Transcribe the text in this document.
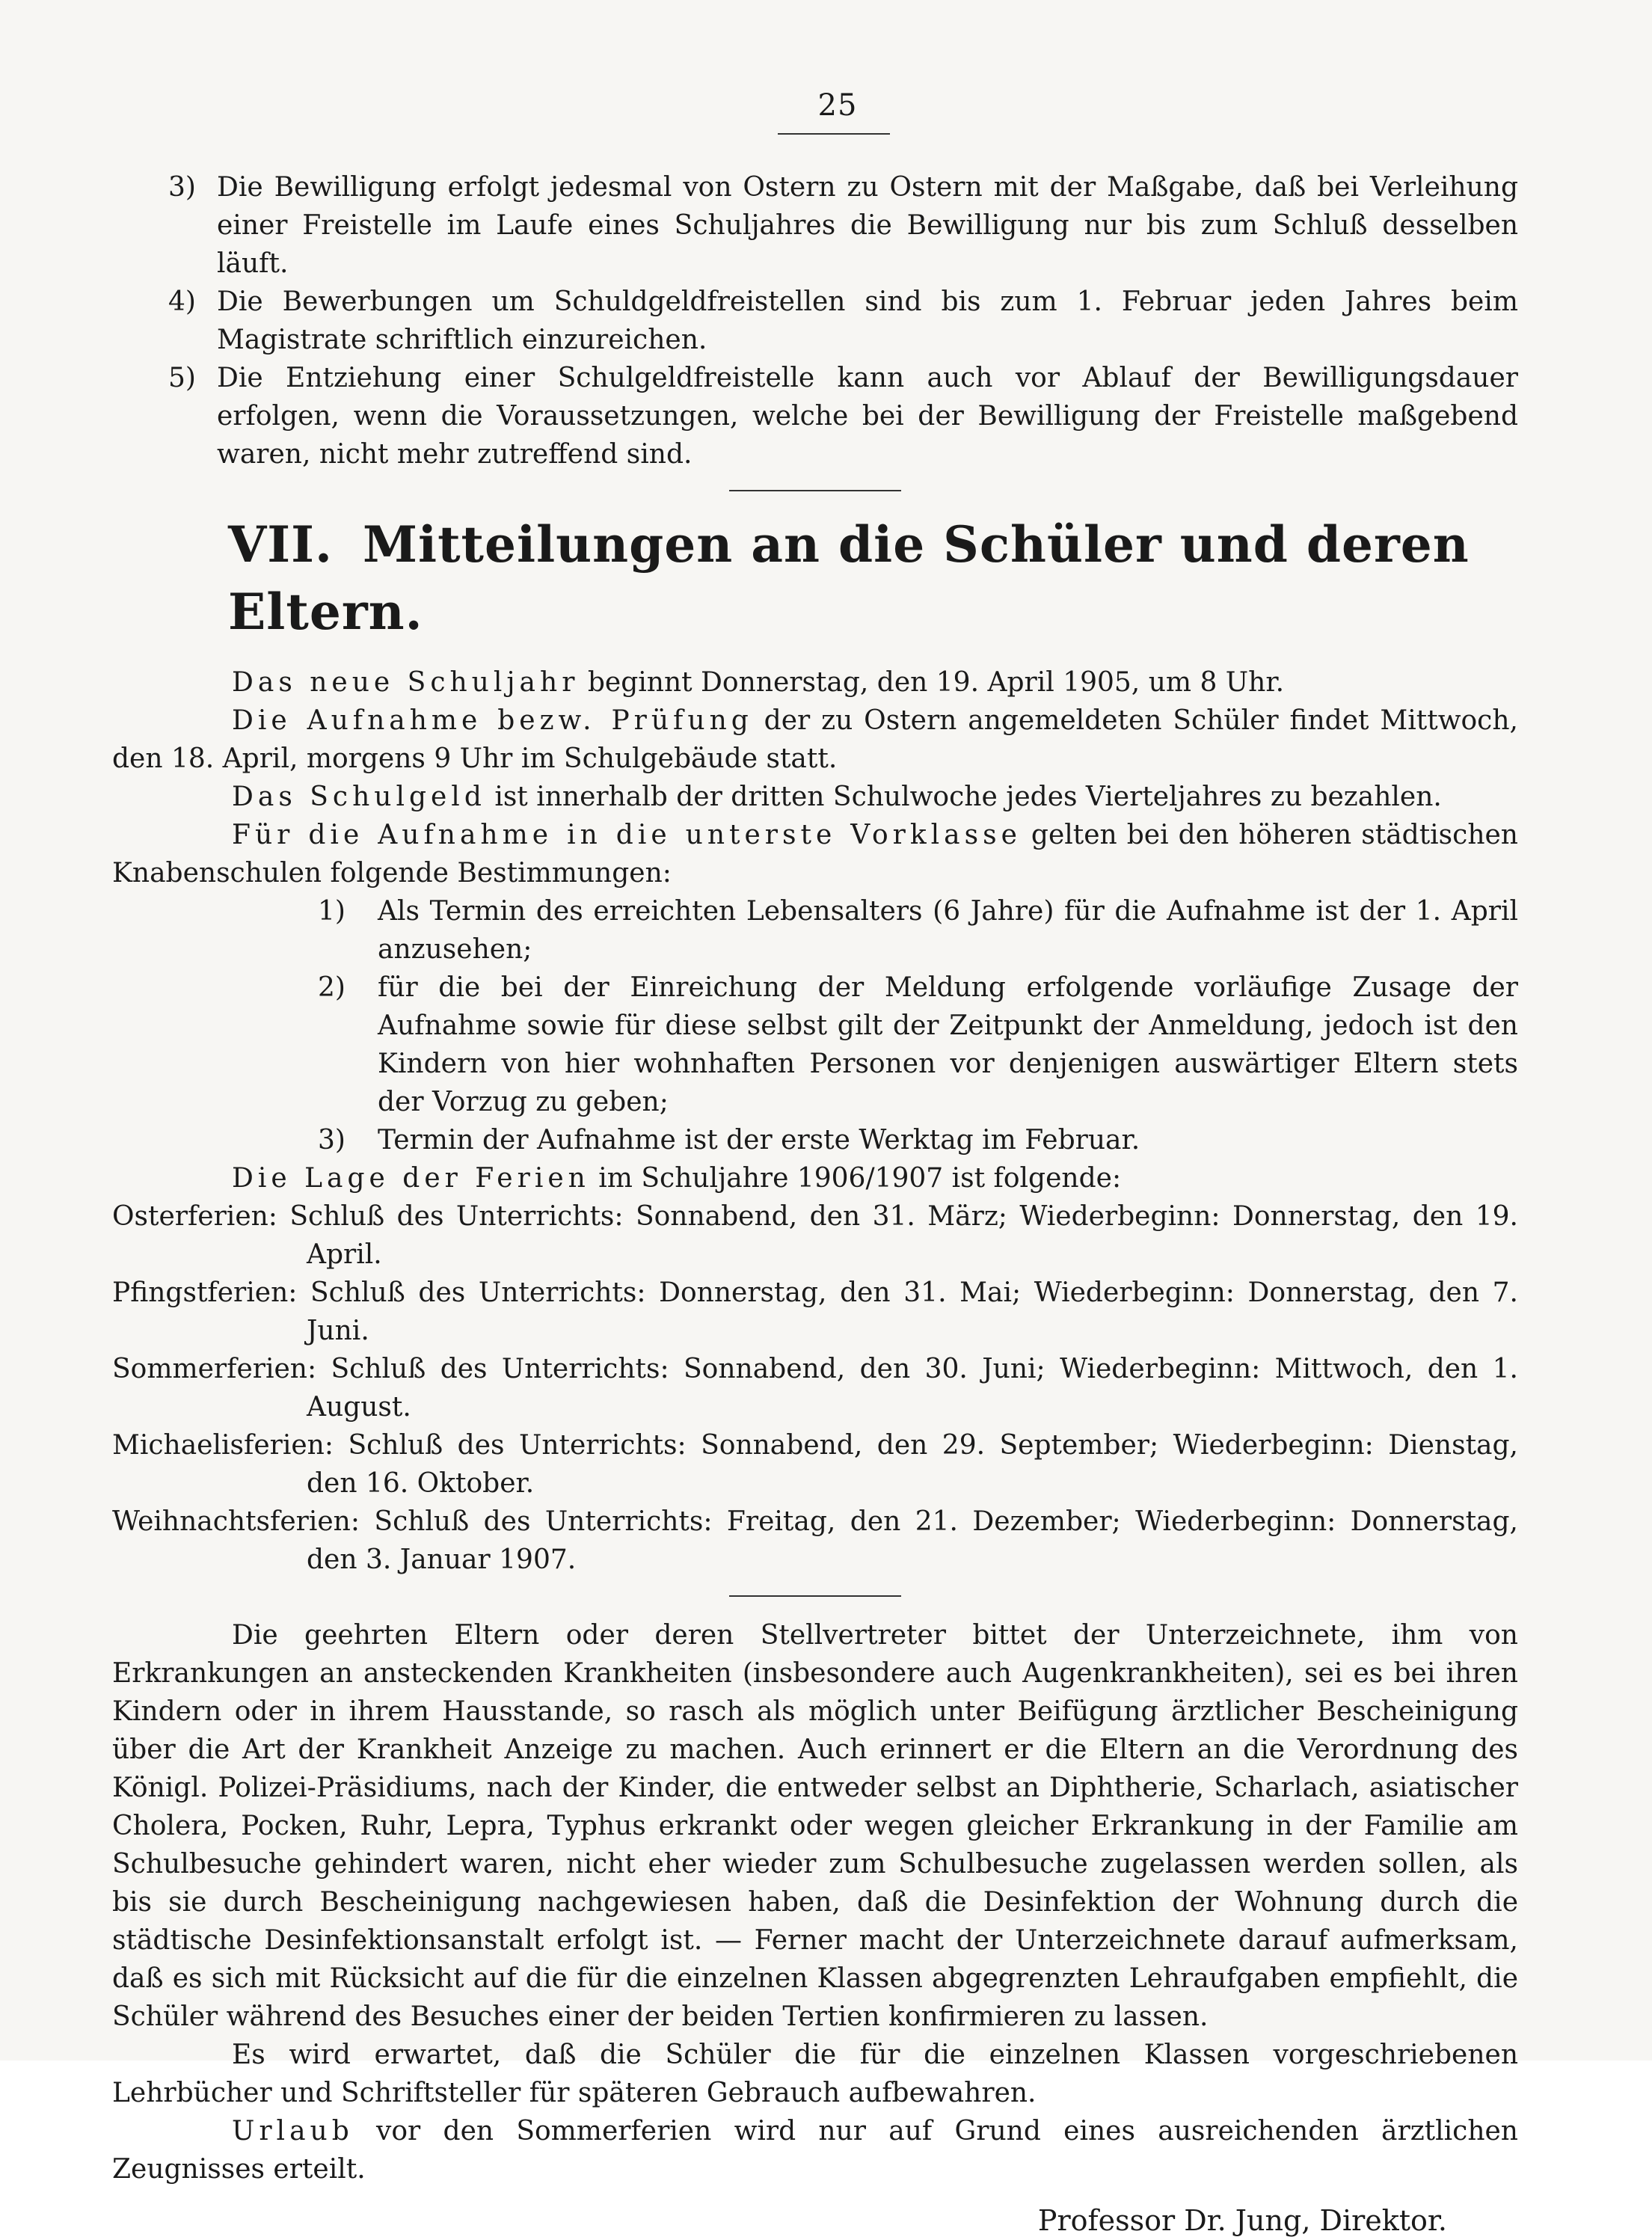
25
3) Die Bewilligung erfolgt jedesmal von Ostern zu Ostern mit der Maßgabe, daß bei Verleihung einer Freistelle im Laufe eines Schuljahres die Bewilligung nur bis zum Schluß desselben läuft.
4) Die Bewerbungen um Schuldgeldfreistellen sind bis zum 1. Februar jeden Jahres beim Magistrate schriftlich einzureichen.
5) Die Entziehung einer Schulgeldfreistelle kann auch vor Ablauf der Bewilligungsdauer erfolgen, wenn die Voraussetzungen, welche bei der Bewilligung der Freistelle maßgebend waren, nicht mehr zutreffend sind.
VII. Mitteilungen an die Schüler und deren Eltern.
Das neue Schuljahr beginnt Donnerstag, den 19. April 1905, um 8 Uhr.
Die Aufnahme bezw. Prüfung der zu Ostern angemeldeten Schüler findet Mittwoch, den 18. April, morgens 9 Uhr im Schulgebäude statt.
Das Schulgeld ist innerhalb der dritten Schulwoche jedes Vierteljahres zu bezahlen.
Für die Aufnahme in die unterste Vorklasse gelten bei den höheren städtischen Knabenschulen folgende Bestimmungen:
1)	Als Termin des erreichten Lebensalters (6 Jahre) für die Aufnahme ist der 1. April anzusehen;
2)	für die bei der Einreichung der Meldung erfolgende vorläufige Zusage der Aufnahme sowie für diese selbst gilt der Zeitpunkt der Anmeldung, jedoch ist den Kindern von hier wohnhaften Personen vor denjenigen auswärtiger Eltern stets der Vorzug zu geben;
3)	Termin der Aufnahme ist der erste Werktag im Februar.
Die Lage der Ferien im Schuljahre 1906/1907 ist folgende:
Osterferien: Schluß des Unterrichts: Sonnabend, den 31. März; Wiederbeginn: Donnerstag, den 19. April.
Pfingstferien: Schluß des Unterrichts: Donnerstag, den 31. Mai; Wiederbeginn: Donnerstag, den 7. Juni.
Sommerferien: Schluß des Unterrichts: Sonnabend, den 30. Juni; Wiederbeginn: Mittwoch, den 1. August.
Michaelisferien: Schluß des Unterrichts: Sonnabend, den 29. September; Wiederbeginn: Dienstag, den 16. Oktober.
Weihnachtsferien: Schluß des Unterrichts: Freitag, den 21. Dezember; Wiederbeginn: Donnerstag, den 3. Januar 1907.
Die geehrten Eltern oder deren Stellvertreter bittet der Unterzeichnete, ihm von Erkrankungen an ansteckenden Krankheiten (insbesondere auch Augenkrankheiten), sei es bei ihren Kindern oder in ihrem Hausstande, so rasch als möglich unter Beifügung ärztlicher Bescheinigung über die Art der Krankheit Anzeige zu machen. Auch erinnert er die Eltern an die Verordnung des Königl. Polizei-Präsidiums, nach der Kinder, die entweder selbst an Diphtherie, Scharlach, asiatischer Cholera, Pocken, Ruhr, Lepra, Typhus erkrankt oder wegen gleicher Erkrankung in der Familie am Schulbesuche gehindert waren, nicht eher wieder zum Schulbesuche zugelassen werden sollen, als bis sie durch Bescheinigung nachgewiesen haben, daß die Desinfektion der Wohnung durch die städtische Desinfektionsanstalt erfolgt ist. — Ferner macht der Unterzeichnete darauf aufmerksam, daß es sich mit Rücksicht auf die für die einzelnen Klassen abgegrenzten Lehraufgaben empfiehlt, die Schüler während des Besuches einer der beiden Tertien konfirmieren zu lassen.
Es wird erwartet, daß die Schüler die für die einzelnen Klassen vorgeschriebenen Lehrbücher und Schriftsteller für späteren Gebrauch aufbewahren.
Urlaub vor den Sommerferien wird nur auf Grund eines ausreichenden ärztlichen Zeugnisses erteilt.
Professor Dr. Jung, Direktor.
